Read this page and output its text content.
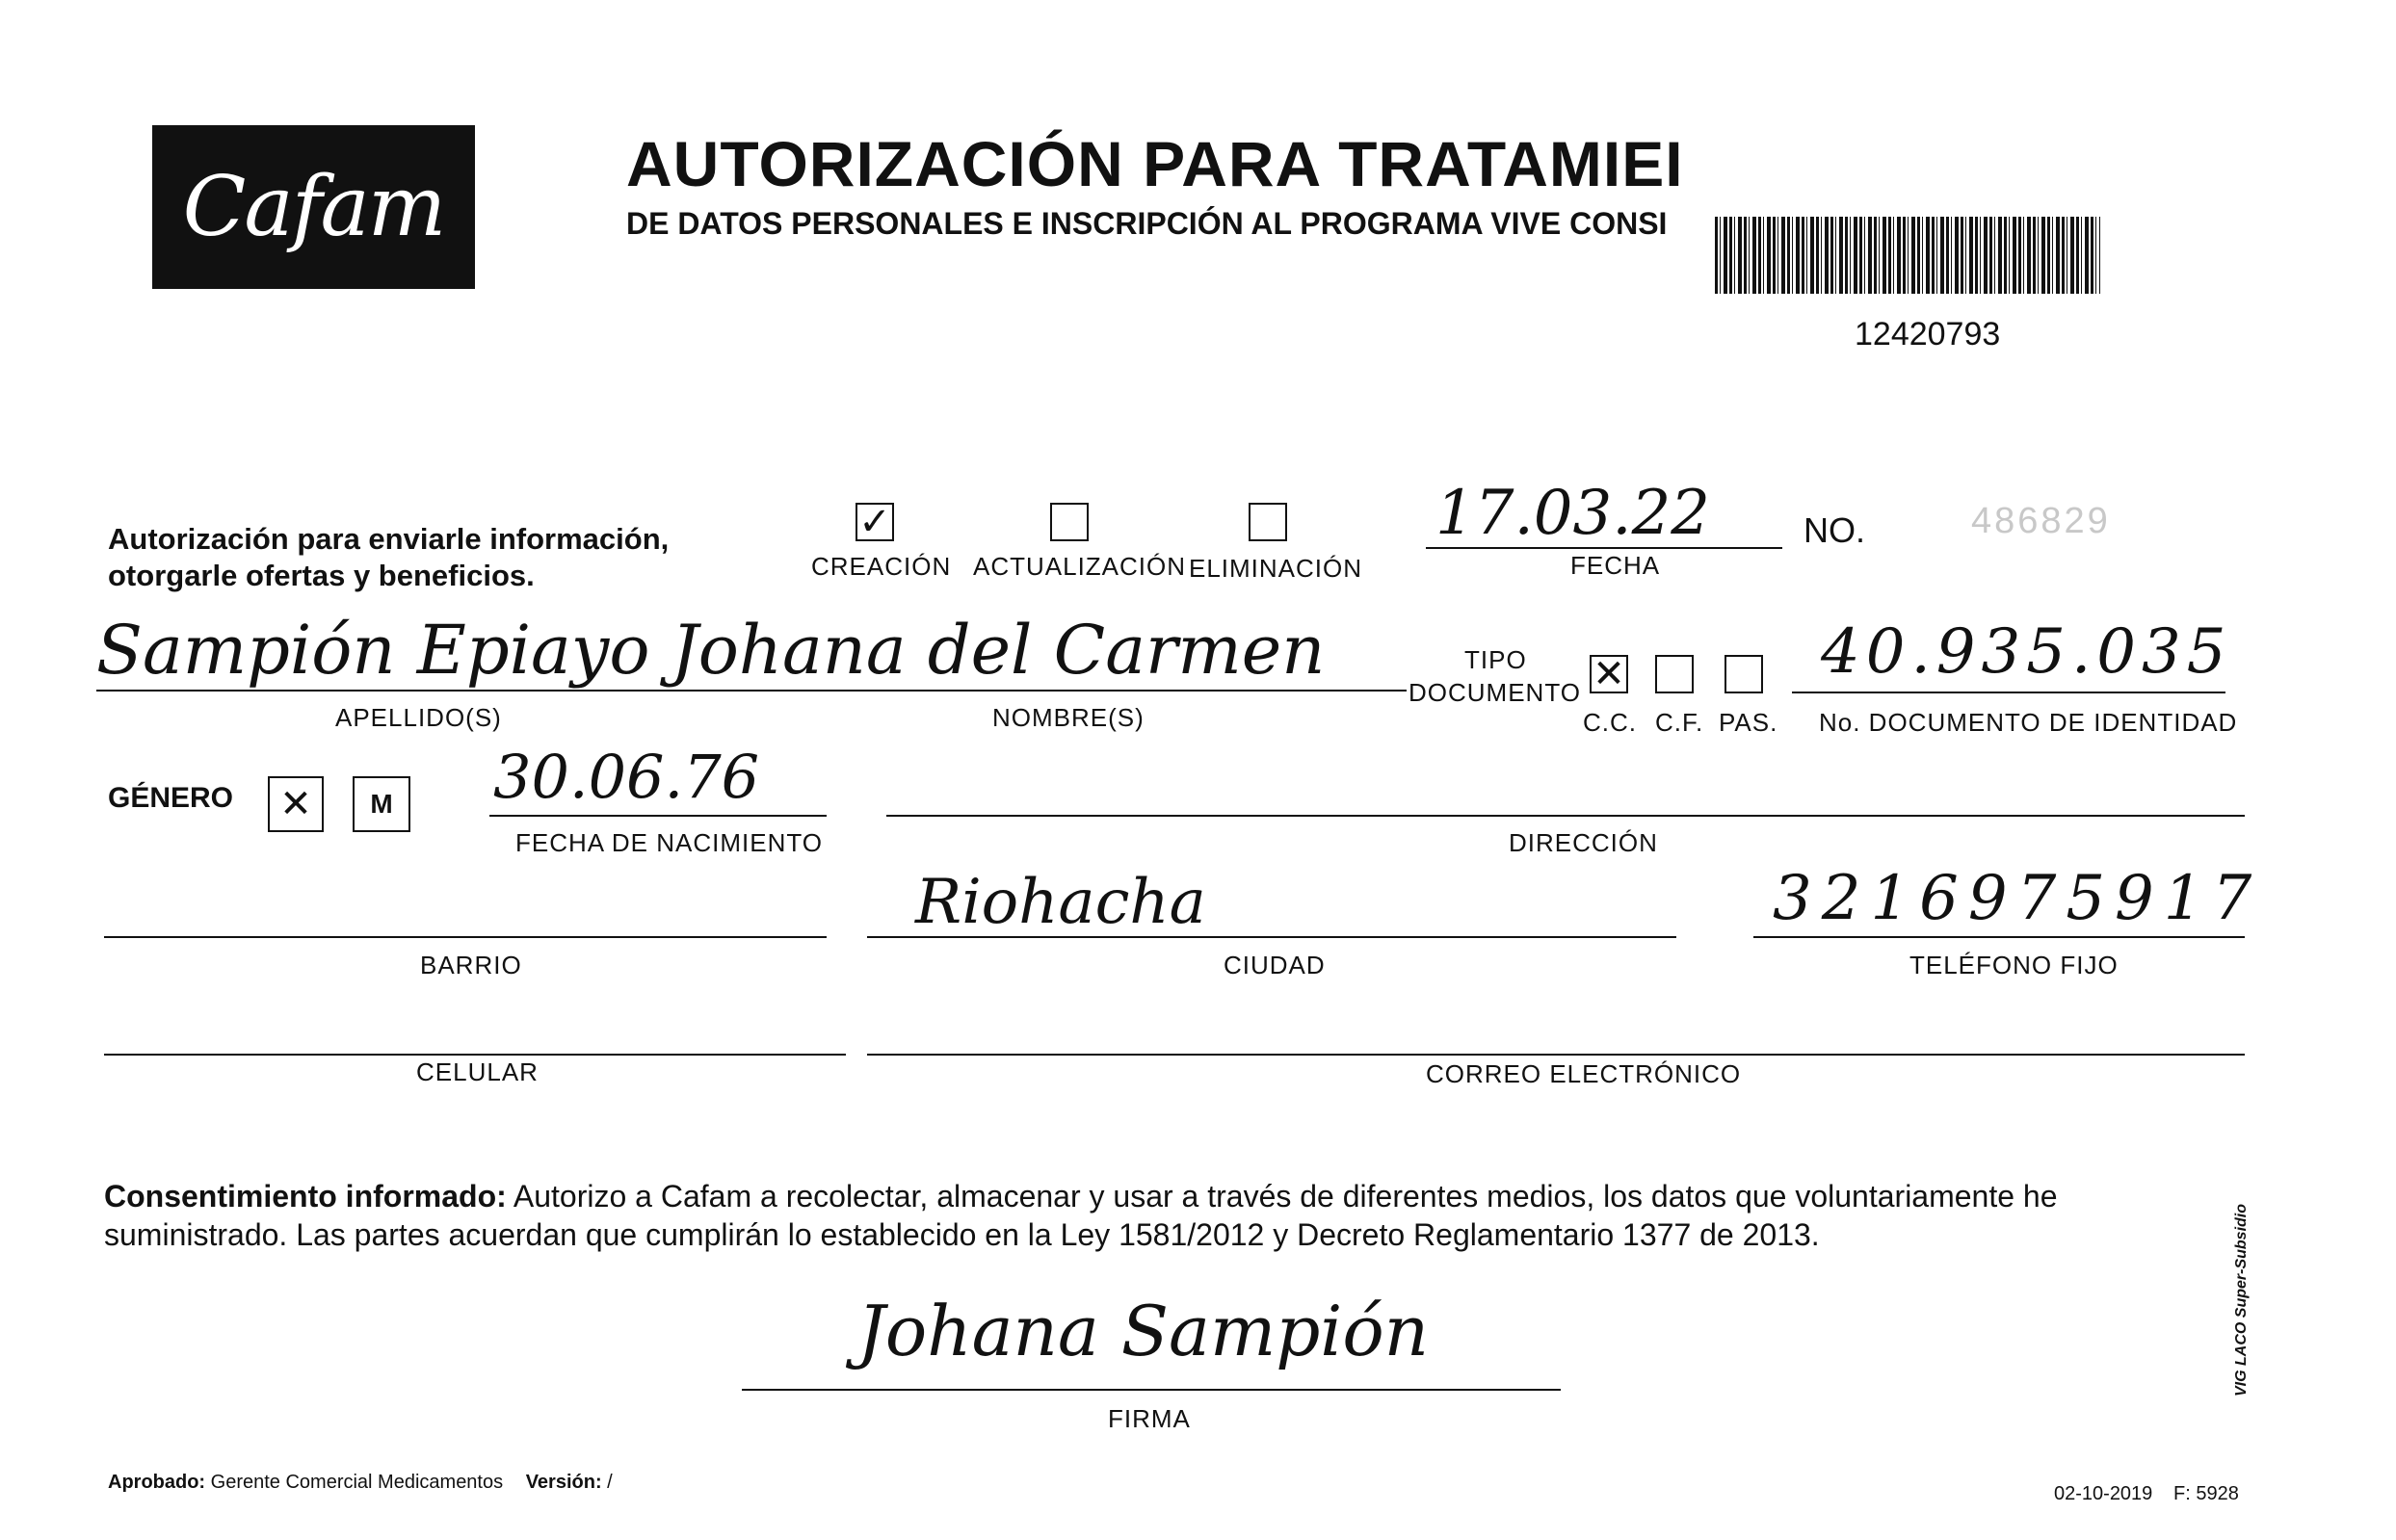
Cafam	AUTORIZACIÓN PARA TRATAMIEI
DE DATOS PERSONALES E INSCRIPCIÓN AL PROGRAMA VIVE CONSI
12420793
Autorización para enviarle información,
otorgarle ofertas y beneficios.
✓
CREACIÓN ACTUALIZACIÓN ELIMINACIÓN
17.03.22
FECHA
NO.	486829
Sampión Epiayo Johana del Carmen
APELLIDO(S)	NOMBRE(S)
TIPO
DOCUMENTO ✕
C.C. C.F. PAS.
40.935.035
No. DOCUMENTO DE IDENTIDAD
GÉNERO	✕	M 30.06.76
FECHA DE NACIMIENTO	DIRECCIÓN
BARRIO
Riohacha
CIUDAD
3216975917
TELÉFONO FIJO
CELULAR	CORREO ELECTRÓNICO
Consentimiento informado: Autorizo a Cafam a recolectar, almacenar y usar a través de diferentes medios, los datos que voluntariamente he suministrado. Las partes acuerdan que cumplirán lo establecido en la Ley 1581/2012 y Decreto Reglamentario 1377 de 2013.
Johana Sampión
FIRMA
Aprobado: Gerente Comercial Medicamentos Versión: /
02-10-2019 F: 5928
VIG LACO Super-Subsidio
